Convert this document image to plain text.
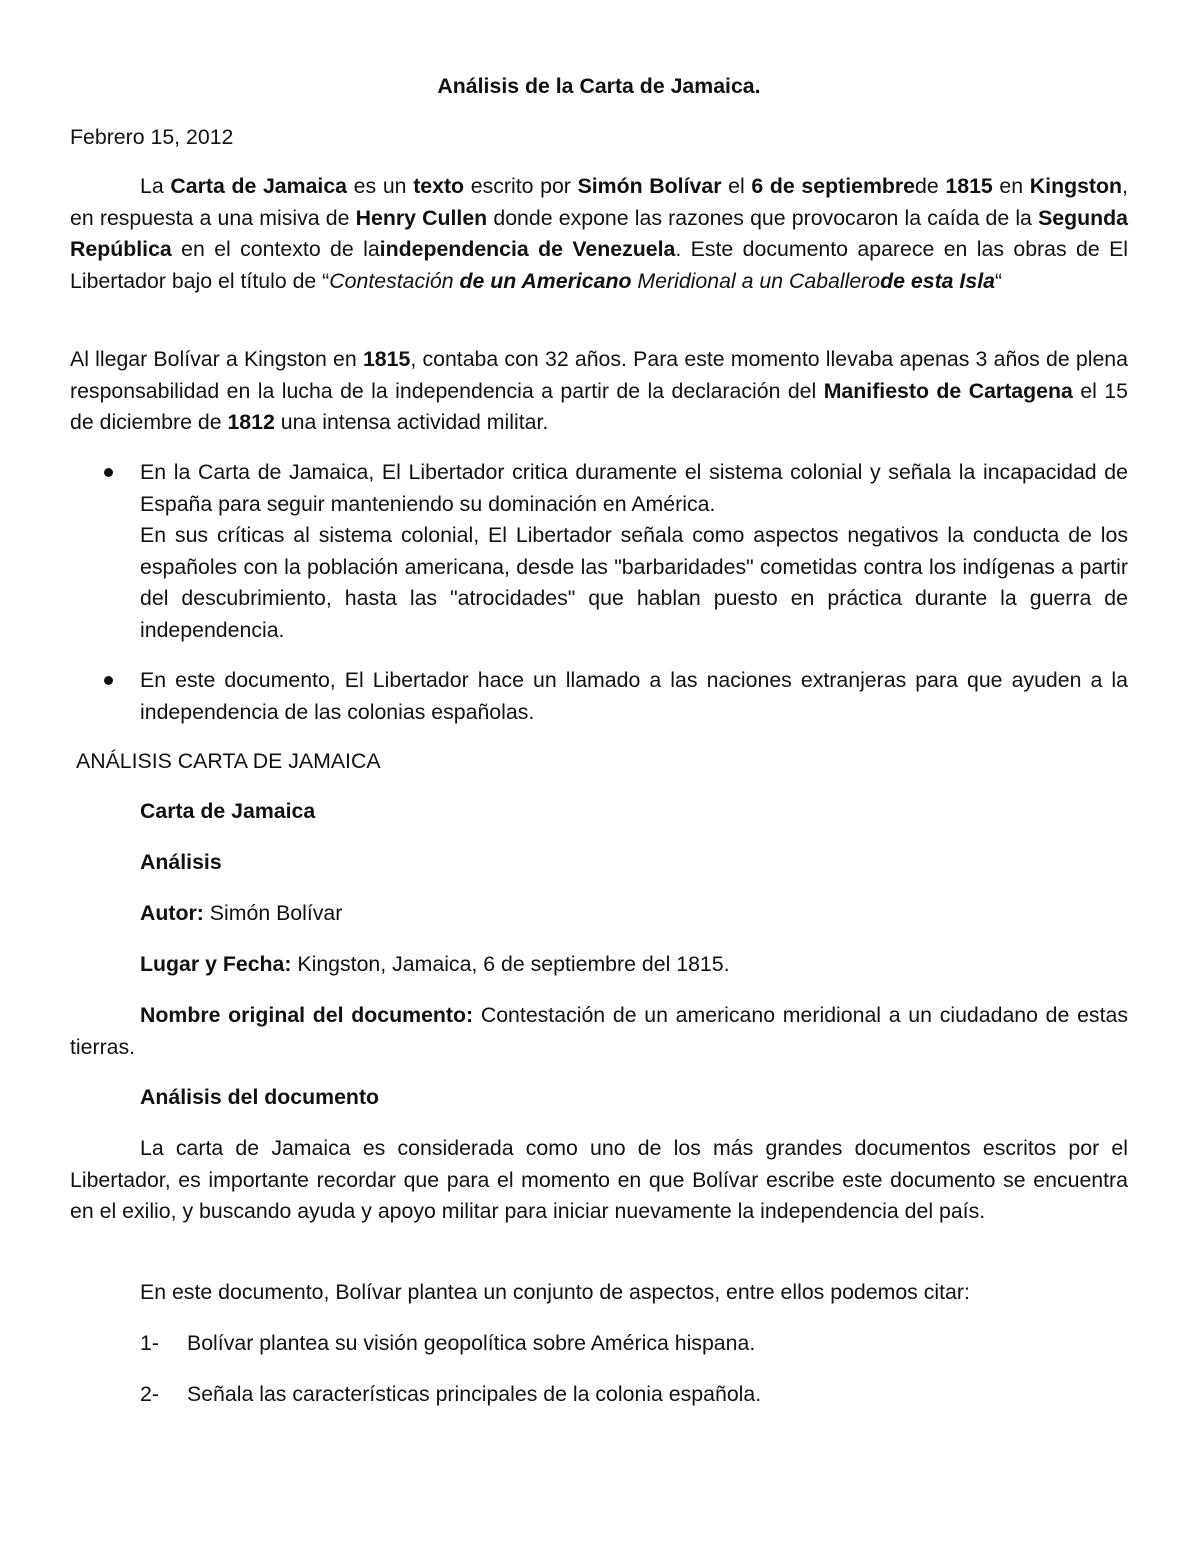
Análisis de la Carta de Jamaica.

Febrero 15, 2012

La Carta de Jamaica es un texto escrito por Simón Bolívar el 6 de septiembrede 1815 en Kingston, en respuesta a una misiva de Henry Cullen donde expone las razones que provocaron la caída de la Segunda República en el contexto de laindependencia de Venezuela. Este documento aparece en las obras de El Libertador bajo el título de “Contestación de un Americano Meridional a un Caballerode esta Isla“

Al llegar Bolívar a Kingston en 1815, contaba con 32 años. Para este momento llevaba apenas 3 años de plena responsabilidad en la lucha de la independencia a partir de la declaración del Manifiesto de Cartagena el 15 de diciembre de 1812 una intensa actividad militar.

En la Carta de Jamaica, El Libertador critica duramente el sistema colonial y señala la incapacidad de España para seguir manteniendo su dominación en América.

En sus críticas al sistema colonial, El Libertador señala como aspectos negativos la conducta de los españoles con la población americana, desde las "barbaridades" cometidas contra los indígenas a partir del descubrimiento, hasta las "atrocidades" que hablan puesto en práctica durante la guerra de independencia.

En este documento, El Libertador hace un llamado a las naciones extranjeras para que ayuden a la independencia de las colonias españolas.

ANÁLISIS CARTA DE JAMAICA

Carta de Jamaica
Análisis
Autor: Simón Bolívar
Lugar y Fecha: Kingston, Jamaica, 6 de septiembre del 1815.

Nombre original del documento: Contestación de un americano meridional a un ciudadano de estas tierras.

Análisis del documento

La carta de Jamaica es considerada como uno de los más grandes documentos escritos por el Libertador, es importante recordar que para el momento en que Bolívar escribe este documento se encuentra en el exilio, y buscando ayuda y apoyo militar para iniciar nuevamente la independencia del país.

En este documento, Bolívar plantea un conjunto de aspectos, entre ellos podemos citar:

1- Bolívar plantea su visión geopolítica sobre América hispana.
2- Señala las características principales de la colonia española.
